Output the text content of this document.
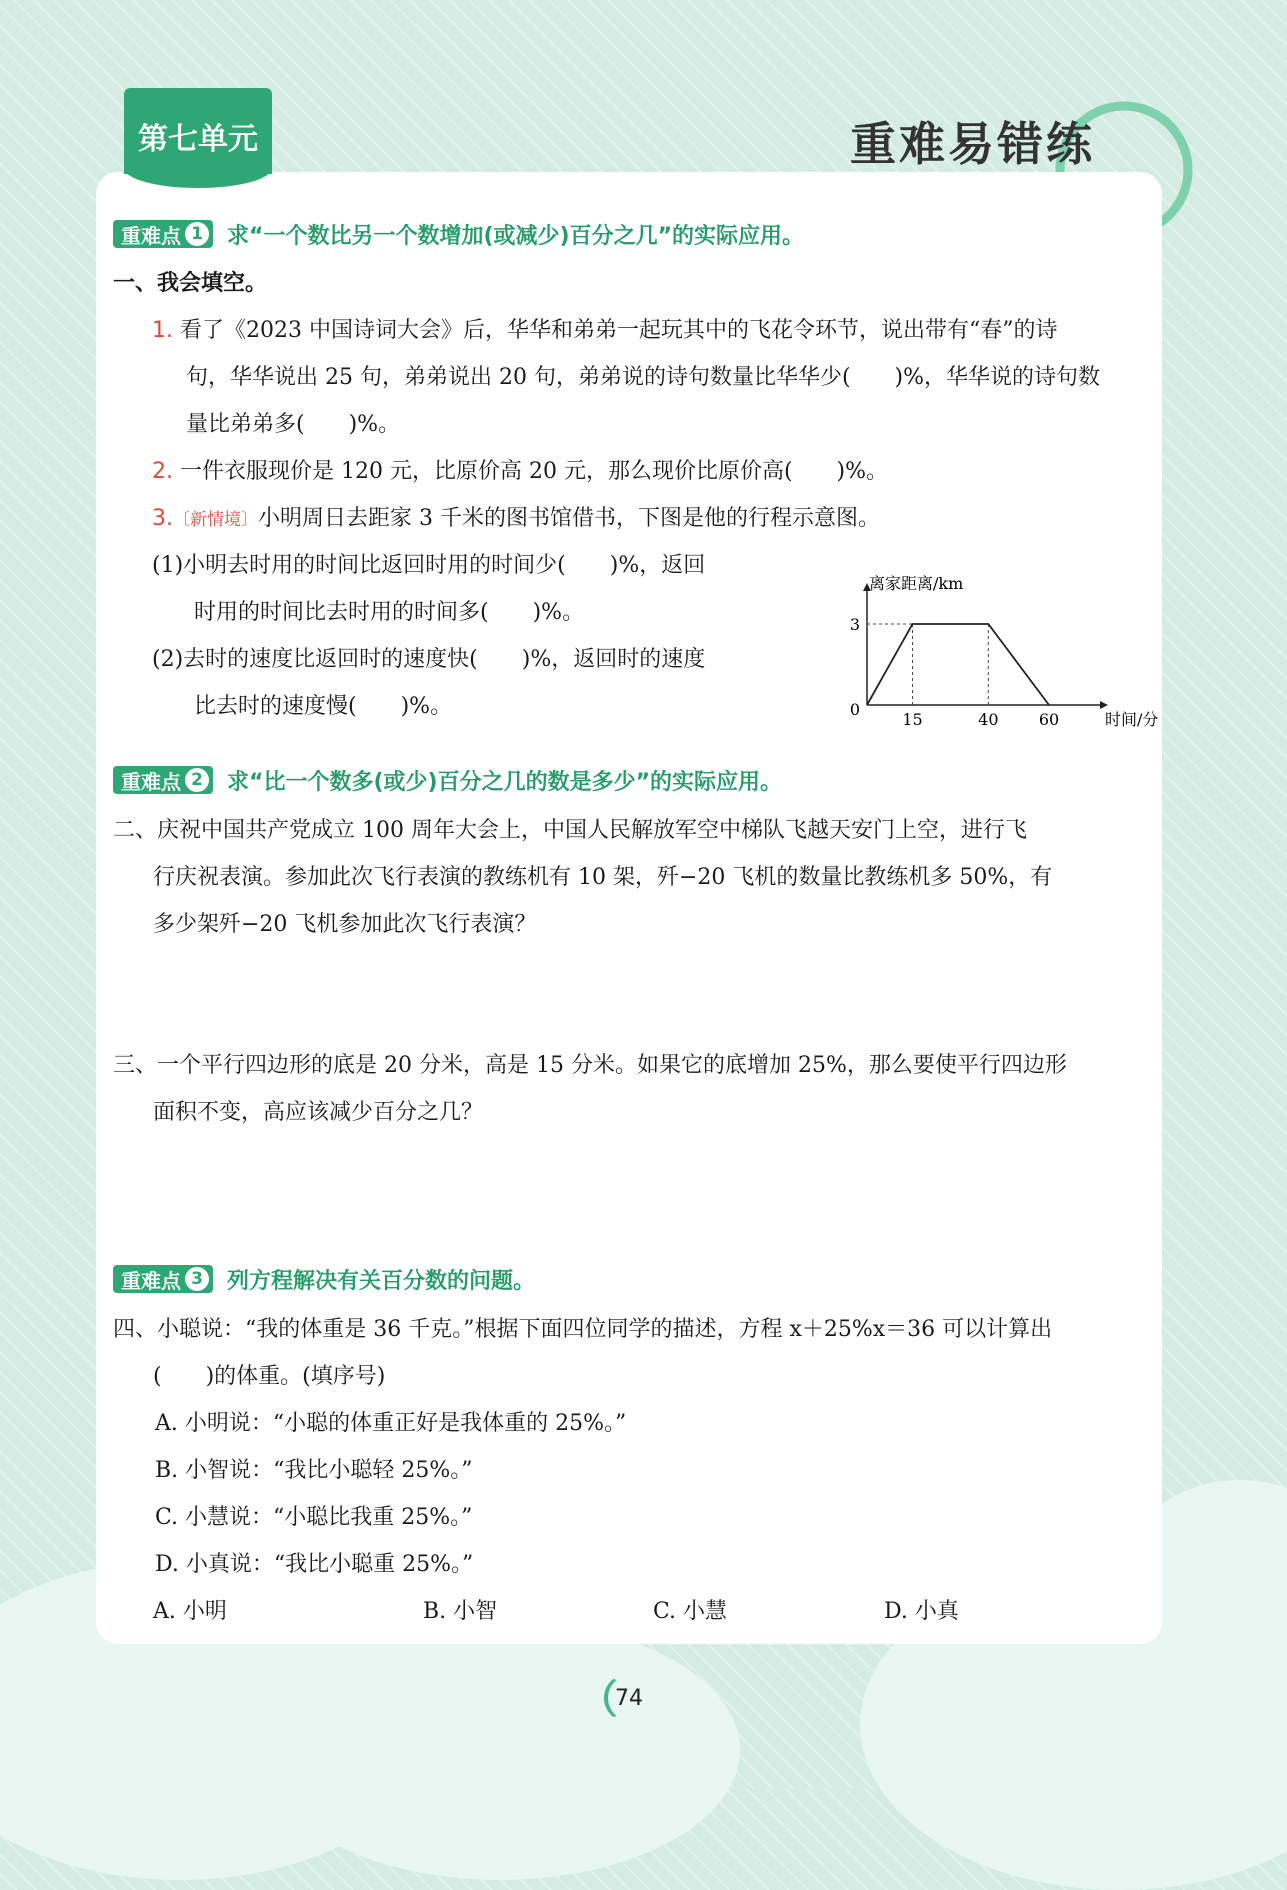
第七单元	重难易错练
重难点 1 求“一个数比另一个数增加(或减少)百分之几”的实际应用。
一、我会填空。
1. 看了《2023 中国诗词大会》后，华华和弟弟一起玩其中的飞花令环节，说出带有“春”的诗
句，华华说出 25 句，弟弟说出 20 句，弟弟说的诗句数量比华华少(　　)%，华华说的诗句数
量比弟弟多(　　)%。
2. 一件衣服现价是 120 元，比原价高 20 元，那么现价比原价高(　　)%。
3.〔新情境〕小明周日去距家 3 千米的图书馆借书，下图是他的行程示意图。
(1)小明去时用的时间比返回时用的时间少(　　)%，返回
时用的时间比去时用的时间多(　　)%。
(2)去时的速度比返回时的速度快(　　)%，返回时的速度
比去时的速度慢(　　)%。
离家距离/km
时间/分
15	40	60
0
3
重难点 2 求“比一个数多(或少)百分之几的数是多少”的实际应用。
二、庆祝中国共产党成立 100 周年大会上，中国人民解放军空中梯队飞越天安门上空，进行飞
行庆祝表演。参加此次飞行表演的教练机有 10 架，歼−20 飞机的数量比教练机多 50%，有
多少架歼−20 飞机参加此次飞行表演？
三、一个平行四边形的底是 20 分米，高是 15 分米。如果它的底增加 25%，那么要使平行四边形
面积不变，高应该减少百分之几？
重难点 3 列方程解决有关百分数的问题。
四、小聪说：“我的体重是 36 千克。”根据下面四位同学的描述，方程 x＋25%x＝36 可以计算出
(　　)的体重。(填序号)
A. 小明说：“小聪的体重正好是我体重的 25%。”
B. 小智说：“我比小聪轻 25%。”
C. 小慧说：“小聪比我重 25%。”
D. 小真说：“我比小聪重 25%。”
A. 小明	B. 小智	C. 小慧	D. 小真
74
